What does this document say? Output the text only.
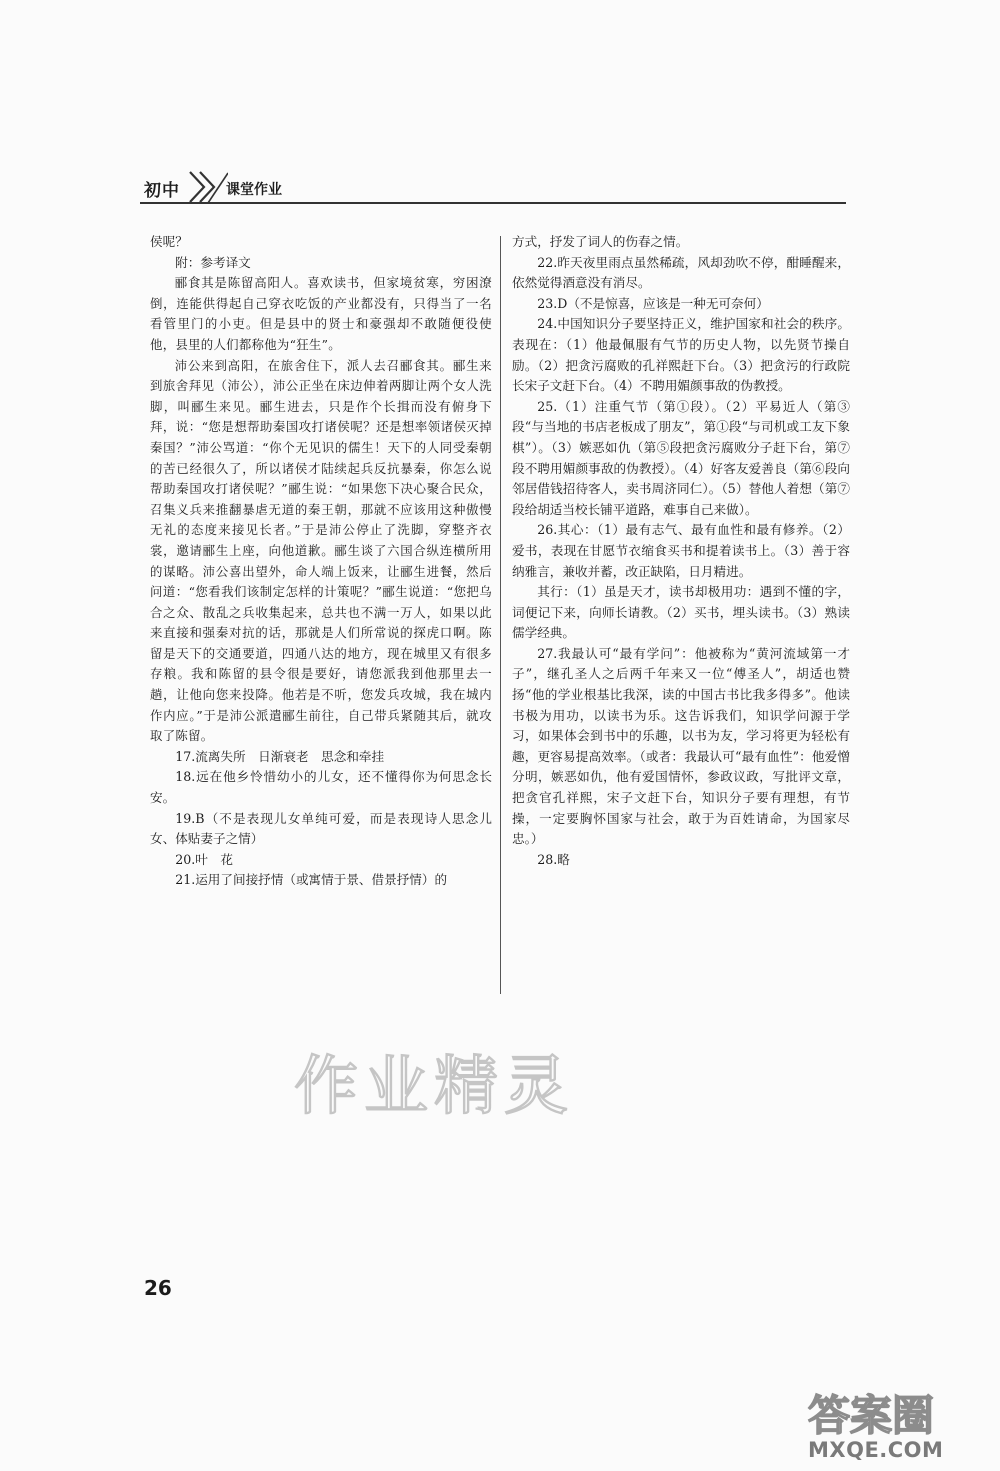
初中	课堂作业

侯呢？

附：参考译文

郦食其是陈留高阳人。喜欢读书，但家境贫寒，穷困潦倒，连能供得起自己穿衣吃饭的产业都没有，只得当了一名看管里门的小吏。但是县中的贤士和豪强却不敢随便役使他，县里的人们都称他为“狂生”。

沛公来到高阳，在旅舍住下，派人去召郦食其。郦生来到旅舍拜见（沛公），沛公正坐在床边伸着两脚让两个女人洗脚，叫郦生来见。郦生进去，只是作个长揖而没有俯身下拜，说：“您是想帮助秦国攻打诸侯呢？还是想率领诸侯灭掉秦国？”沛公骂道：“你个无见识的儒生！天下的人同受秦朝的苦已经很久了，所以诸侯才陆续起兵反抗暴秦，你怎么说帮助秦国攻打诸侯呢？”郦生说：“如果您下决心聚合民众，召集义兵来推翻暴虐无道的秦王朝，那就不应该用这种傲慢无礼的态度来接见长者。”于是沛公停止了洗脚，穿整齐衣裳，邀请郦生上座，向他道歉。郦生谈了六国合纵连横所用的谋略。沛公喜出望外，命人端上饭来，让郦生进餐，然后问道：“您看我们该制定怎样的计策呢？”郦生说道：“您把乌合之众、散乱之兵收集起来，总共也不满一万人，如果以此来直接和强秦对抗的话，那就是人们所常说的探虎口啊。陈留是天下的交通要道，四通八达的地方，现在城里又有很多存粮。我和陈留的县令很是要好，请您派我到他那里去一趟，让他向您来投降。他若是不听，您发兵攻城，我在城内作内应。”于是沛公派遣郦生前往，自己带兵紧随其后，就攻取了陈留。

17.流离失所　日渐衰老　思念和牵挂

18.远在他乡怜惜幼小的儿女，还不懂得你为何思念长安。

19.B（不是表现儿女单纯可爱，而是表现诗人思念儿女、体贴妻子之情）

20.叶　花

21.运用了间接抒情（或寓情于景、借景抒情）的

方式，抒发了词人的伤春之情。

22.昨天夜里雨点虽然稀疏，风却劲吹不停，酣睡醒来，依然觉得酒意没有消尽。

23.D（不是惊喜，应该是一种无可奈何）

24.中国知识分子要坚持正义，维护国家和社会的秩序。表现在：（1）他最佩服有气节的历史人物，以先贤节操自励。（2）把贪污腐败的孔祥熙赶下台。（3）把贪污的行政院长宋子文赶下台。（4）不聘用媚颜事敌的伪教授。

25.（1）注重气节（第①段）。（2）平易近人（第③段“与当地的书店老板成了朋友”，第①段“与司机或工友下象棋”）。（3）嫉恶如仇（第⑤段把贪污腐败分子赶下台，第⑦段不聘用媚颜事敌的伪教授）。（4）好客友爱善良（第⑥段向邻居借钱招待客人，卖书周济同仁）。（5）替他人着想（第⑦段给胡适当校长铺平道路，难事自己来做）。

26.其心：（1）最有志气、最有血性和最有修养。（2）爱书，表现在甘愿节衣缩食买书和提着读书上。（3）善于容纳雅言，兼收并蓄，改正缺陷，日月精进。

其行：（1）虽是天才，读书却极用功：遇到不懂的字，词便记下来，向师长请教。（2）买书，埋头读书。（3）熟读儒学经典。

27.我最认可“最有学问”：他被称为“黄河流域第一才子”，继孔圣人之后两千年来又一位“傅圣人”，胡适也赞扬“他的学业根基比我深，读的中国古书比我多得多”。他读书极为用功，以读书为乐。这告诉我们，知识学问源于学习，如果体会到书中的乐趣，以书为友，学习将更为轻松有趣，更容易提高效率。（或者：我最认可“最有血性”：他爱憎分明，嫉恶如仇，他有爱国情怀，参政议政，写批评文章，把贪官孔祥熙，宋子文赶下台，知识分子要有理想，有节操，一定要胸怀国家与社会，敢于为百姓请命，为国家尽忠。）

28.略

作业精灵
答案圈
MXQE.COM
26
